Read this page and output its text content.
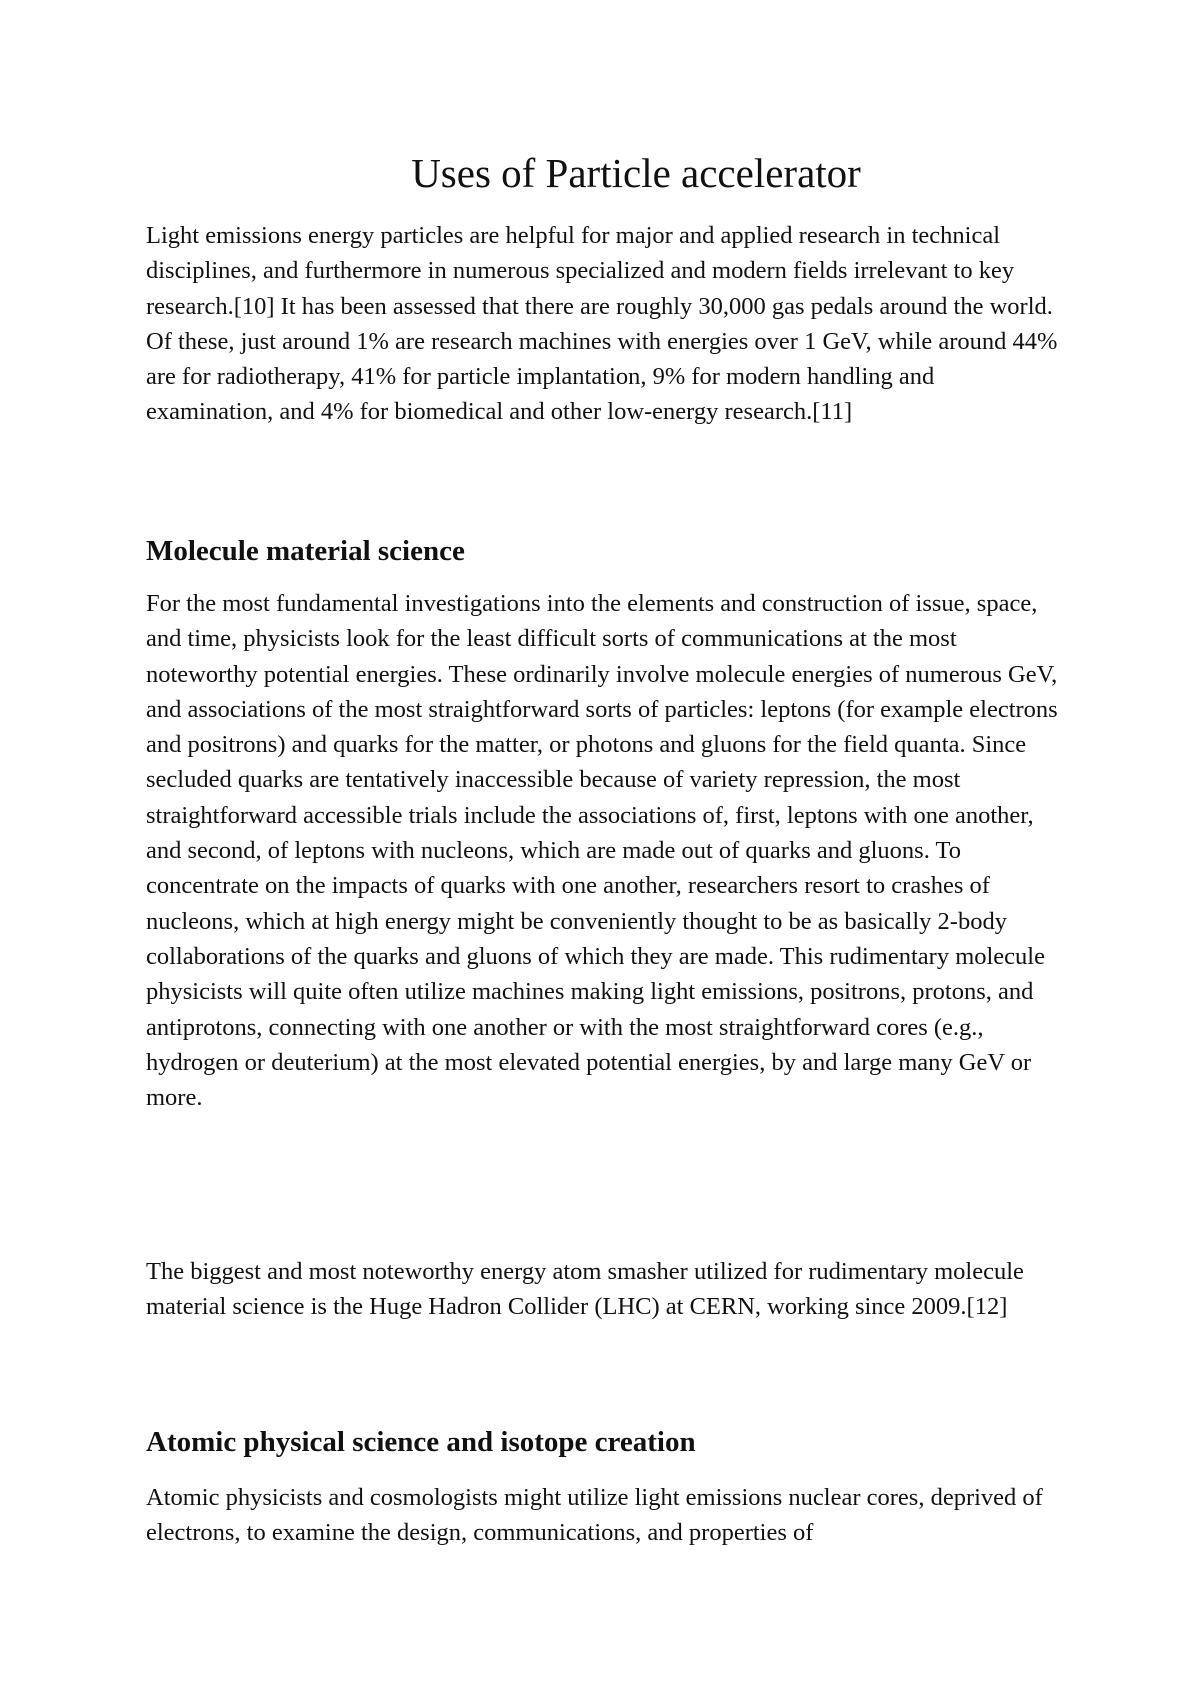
Uses of Particle accelerator

Light emissions energy particles are helpful for major and applied research in technical disciplines, and furthermore in numerous specialized and modern fields irrelevant to key research.[10] It has been assessed that there are roughly 30,000 gas pedals around the world. Of these, just around 1% are research machines with energies over 1 GeV, while around 44% are for radiotherapy, 41% for particle implantation, 9% for modern handling and examination, and 4% for biomedical and other low-energy research.[11]

Molecule material science

For the most fundamental investigations into the elements and construction of issue, space, and time, physicists look for the least difficult sorts of communications at the most noteworthy potential energies. These ordinarily involve molecule energies of numerous GeV, and associations of the most straightforward sorts of particles: leptons (for example electrons and positrons) and quarks for the matter, or photons and gluons for the field quanta. Since secluded quarks are tentatively inaccessible because of variety repression, the most straightforward accessible trials include the associations of, first, leptons with one another, and second, of leptons with nucleons, which are made out of quarks and gluons. To concentrate on the impacts of quarks with one another, researchers resort to crashes of nucleons, which at high energy might be conveniently thought to be as basically 2-body collaborations of the quarks and gluons of which they are made. This rudimentary molecule physicists will quite often utilize machines making light emissions, positrons, protons, and antiprotons, connecting with one another or with the most straightforward cores (e.g., hydrogen or deuterium) at the most elevated potential energies, by and large many GeV or more.

The biggest and most noteworthy energy atom smasher utilized for rudimentary molecule material science is the Huge Hadron Collider (LHC) at CERN, working since 2009.[12]

Atomic physical science and isotope creation

Atomic physicists and cosmologists might utilize light emissions nuclear cores, deprived of electrons, to examine the design, communications, and properties of
